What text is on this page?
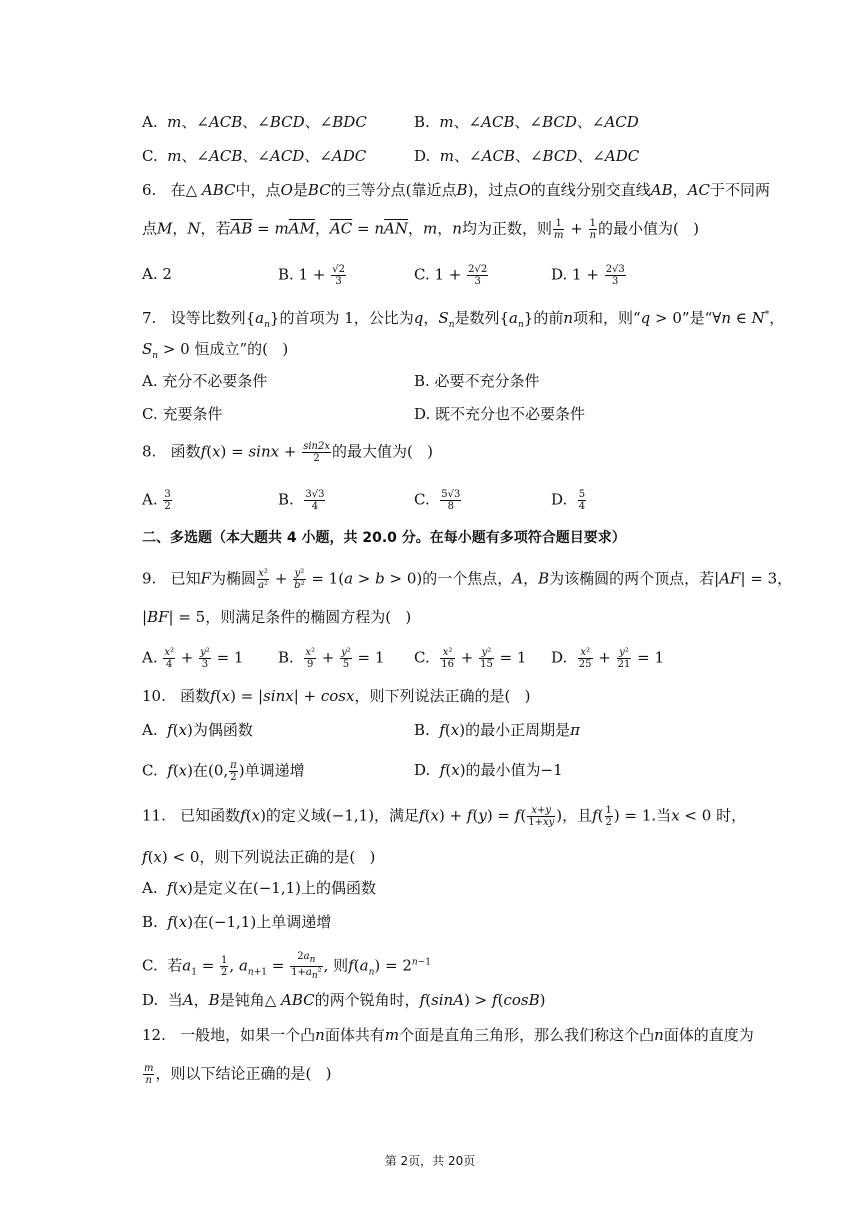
A.  m、∠ACB、∠BCD、∠BDC	B.  m、∠ACB、∠BCD、∠ACD
C.  m、∠ACB、∠ACD、∠ADC	D.  m、∠ACB、∠BCD、∠ADC
6.   在△ ABC中，点O是BC的三等分点(靠近点B)，过点O的直线分别交直线AB，AC于不同两
点M，N，若$\overline{AB} = m\overline{AM}$，$\overline{AC} = n\overline{AN}$，m，n均为正数，则 $\frac{1}{m} + \frac{1}{n}$ 的最小值为(   )
A. 2	B. $1 + \frac{√2}{3}$	C. $1 + \frac{2√2}{3}$	D. $1 + \frac{2√3}{3}$
7.   设等比数列$\{a_n\}$的首项为 1，公比为q，$S_n$是数列$\{a_n\}$的前n项和，则“q > 0”是“∀n ∈ N*，
$S_n > 0$ 恒成立”的(   )
A. 充分不必要条件	B. 必要不充分条件
C. 充要条件	D. 既不充分也不必要条件
8.   函数$f(x) = \sin x + \frac{\sin 2x}{2}$ 的最大值为(   )
A. $\frac{3}{2}$	B. $\frac{3√3}{4}$	C. $\frac{5√3}{8}$	D. $\frac{5}{4}$
二、多选题（本大题共 4 小题，共 20.0 分。在每小题有多项符合题目要求）
9.   已知F为椭圆 $\frac{\text{x²}}{\text{a²}} + \frac{\text{y²}}{\text{b²}} = 1(a > b > 0)$的一个焦点，A，B为该椭圆的两个顶点，若|AF| = 3，
|BF| = 5，则满足条件的椭圆方程为(   )
A. $\frac{\text{x²}}{4} + \frac{\text{y²}}{3} = 1$ B. $\frac{\text{x²}}{9} + \frac{\text{y²}}{5} = 1$ C. $\frac{\text{x²}}{16} + \frac{\text{y²}}{15} = 1$ D. $\frac{\text{x²}}{25} + \frac{\text{y²}}{21} = 1$
10.   函数f(x) = |sinx| + cosx，则下列说法正确的是(   )
A.  f(x)为偶函数	B.  f(x)的最小正周期是π
C.  f(x)在(0, $\frac{\pi}{2}$ )单调递增	D.  f(x)的最小值为−1
11.   已知函数f(x)的定义域(−1,1)，满足$f(x) + f(y) = f( \frac{x+y}{1+xy}$ )，且$f( \frac{1}{2}$ ) = 1.当x < 0 时，
f(x) < 0，则下列说法正确的是(   )
A.  f(x)是定义在(−1,1)上的偶函数
B.  f(x)在(−1,1)上单调递增
C.  若$a_1 = \frac{1}{2}$ , $a_{n+1} = \frac{2a_n}{1+a_n^2}$ , 则$f(a_n) = 2^{n-1}$
D.  当A，B是钝角△ ABC的两个锐角时，f(sinA) > f(cosB)
12.   一般地，如果一个凸n面体共有m个面是直角三角形，那么我们称这个凸n面体的直度为
$\frac{m}{n}$ ，则以下结论正确的是(   )
第 2页，共 20页
